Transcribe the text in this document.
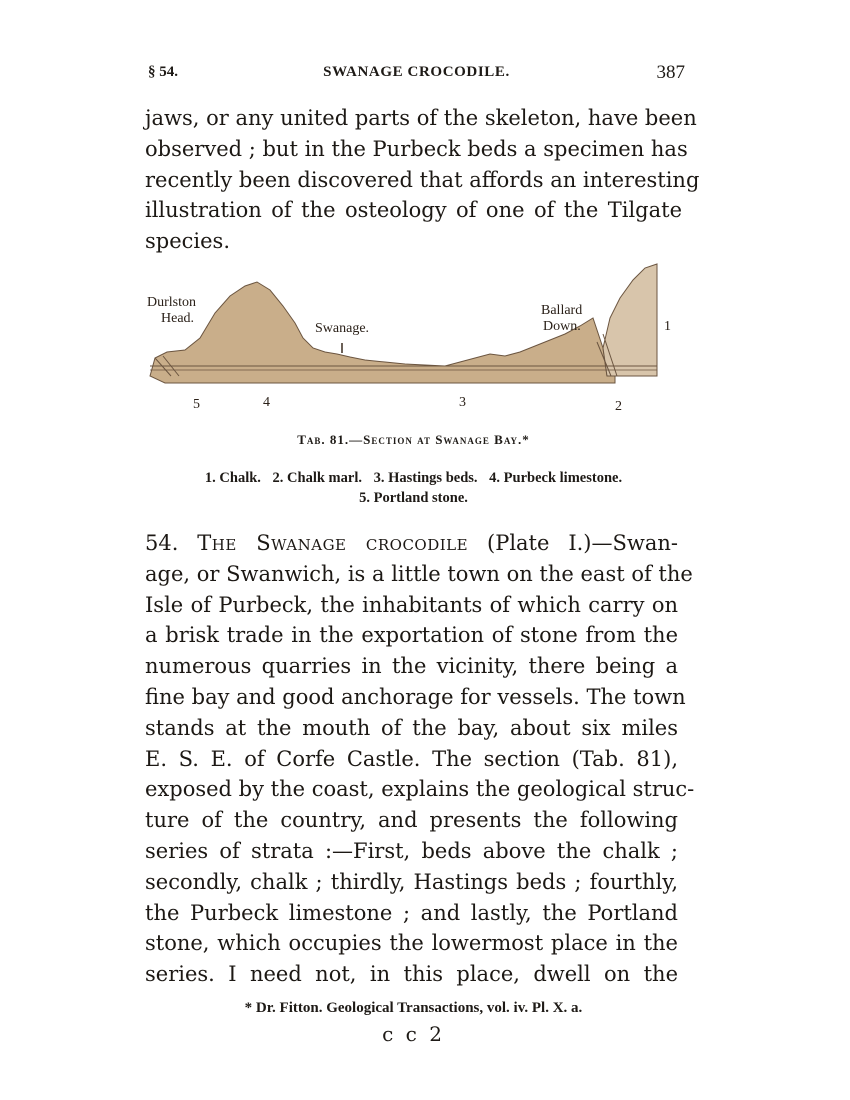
§ 54.	SWANAGE CROCODILE.	387
jaws, or any united parts of the skeleton, have been
observed ; but in the Purbeck beds a specimen has
recently been discovered that affords an interesting
illustration of the osteology of one of the Tilgate
species.
Durlston
Head.
Swanage.
Ballard
Down.	1
2
3
4
5
Tab. 81.—Section at Swanage Bay.*
1. Chalk. 2. Chalk marl. 3. Hastings beds. 4. Purbeck limestone.
5. Portland stone.
54. The Swanage crocodile (Plate I.)—Swan-
age, or Swanwich, is a little town on the east of the
Isle of Purbeck, the inhabitants of which carry on
a brisk trade in the exportation of stone from the
numerous quarries in the vicinity, there being a
fine bay and good anchorage for vessels. The town
stands at the mouth of the bay, about six miles
E. S. E. of Corfe Castle. The section (Tab. 81),
exposed by the coast, explains the geological struc-
ture of the country, and presents the following
series of strata :—First, beds above the chalk ;
secondly, chalk ; thirdly, Hastings beds ; fourthly,
the Purbeck limestone ; and lastly, the Portland
stone, which occupies the lowermost place in the
series. I need not, in this place, dwell on the
* Dr. Fitton. Geological Transactions, vol. iv. Pl. X. a.
c c 2
